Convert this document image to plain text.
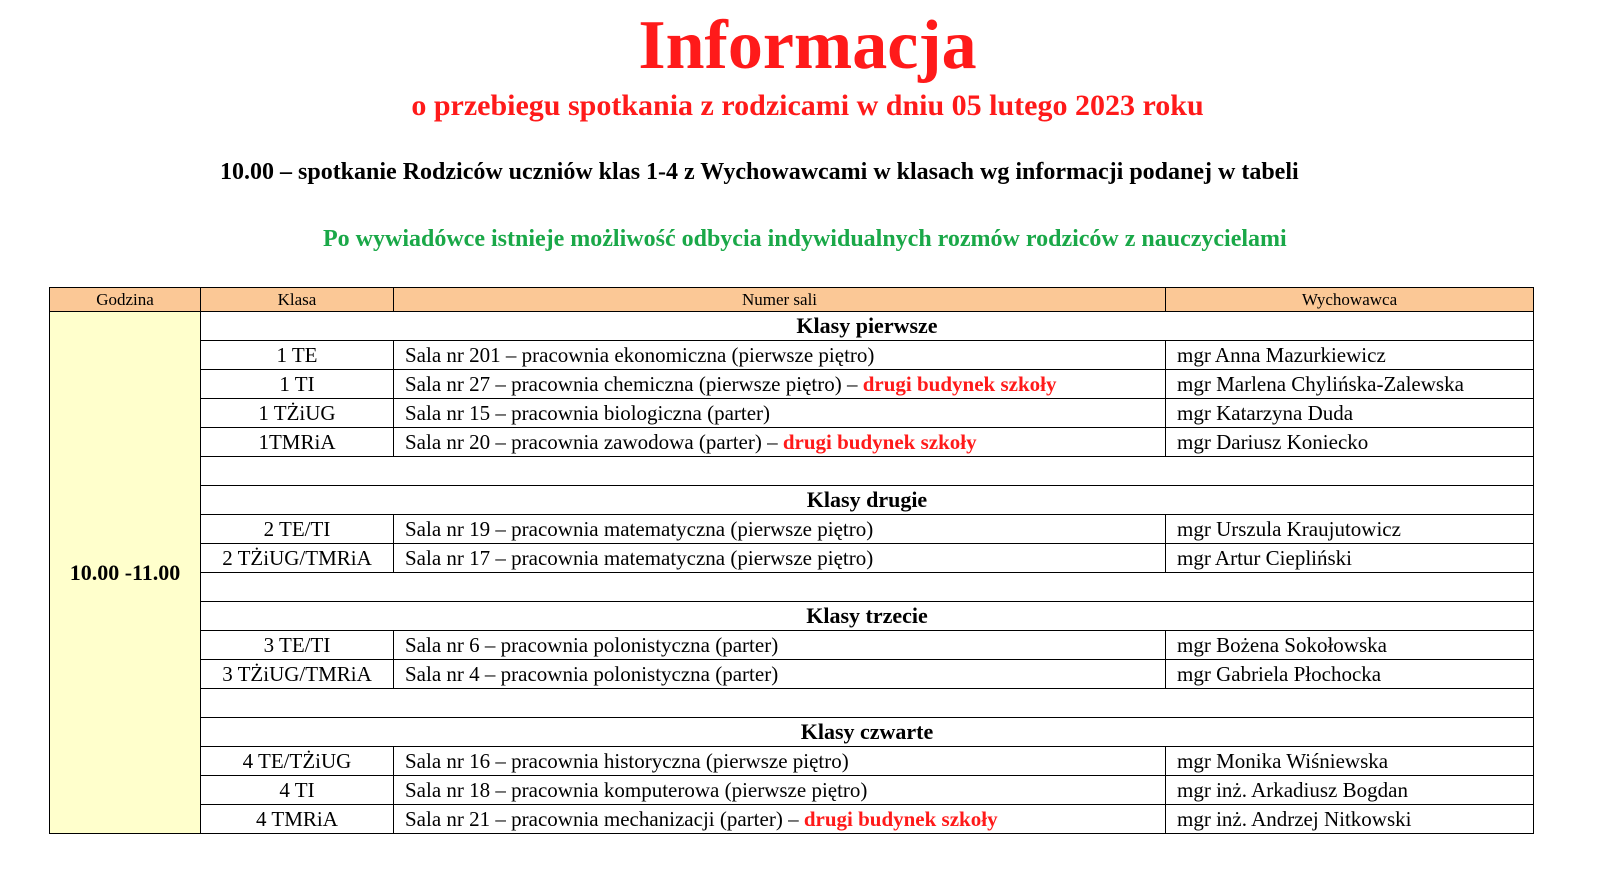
Informacja
o przebiegu spotkania z rodzicami w dniu 05 lutego 2023 roku
10.00 – spotkanie Rodziców uczniów klas 1-4 z Wychowawcami w klasach wg informacji podanej w tabeli
Po wywiadówce istnieje możliwość odbycia indywidualnych rozmów rodziców z nauczycielami
Godzina	Klasa	Numer sali	Wychowawca
10.00 -11.00	Klasy pierwsze		
	1 TE	Sala nr 201 – pracownia ekonomiczna (pierwsze piętro)	mgr Anna Mazurkiewicz
	1 TI	Sala nr 27 – pracownia chemiczna (pierwsze piętro) – drugi budynek szkoły	mgr Marlena Chylińska-Zalewska
	1 TŻiUG	Sala nr 15 – pracownia biologiczna (parter)	mgr Katarzyna Duda
	1TMRiA	Sala nr 20 – pracownia zawodowa (parter) – drugi budynek szkoły	mgr Dariusz Koniecko

	Klasy drugie		
	2 TE/TI	Sala nr 19 – pracownia matematyczna (pierwsze piętro)	mgr Urszula Kraujutowicz
	2 TŻiUG/TMRiA	Sala nr 17 – pracownia matematyczna (pierwsze piętro)	mgr Artur Ciepliński

	Klasy trzecie		
	3 TE/TI	Sala nr 6 – pracownia polonistyczna (parter)	mgr Bożena Sokołowska
	3 TŻiUG/TMRiA	Sala nr 4 – pracownia polonistyczna (parter)	mgr Gabriela Płochocka

	Klasy czwarte		
	4 TE/TŻiUG	Sala nr 16 – pracownia historyczna (pierwsze piętro)	mgr Monika Wiśniewska
	4 TI	Sala nr 18 – pracownia komputerowa (pierwsze piętro)	mgr inż. Arkadiusz Bogdan
	4 TMRiA	Sala nr 21 – pracownia mechanizacji (parter) – drugi budynek szkoły	mgr inż. Andrzej Nitkowski
